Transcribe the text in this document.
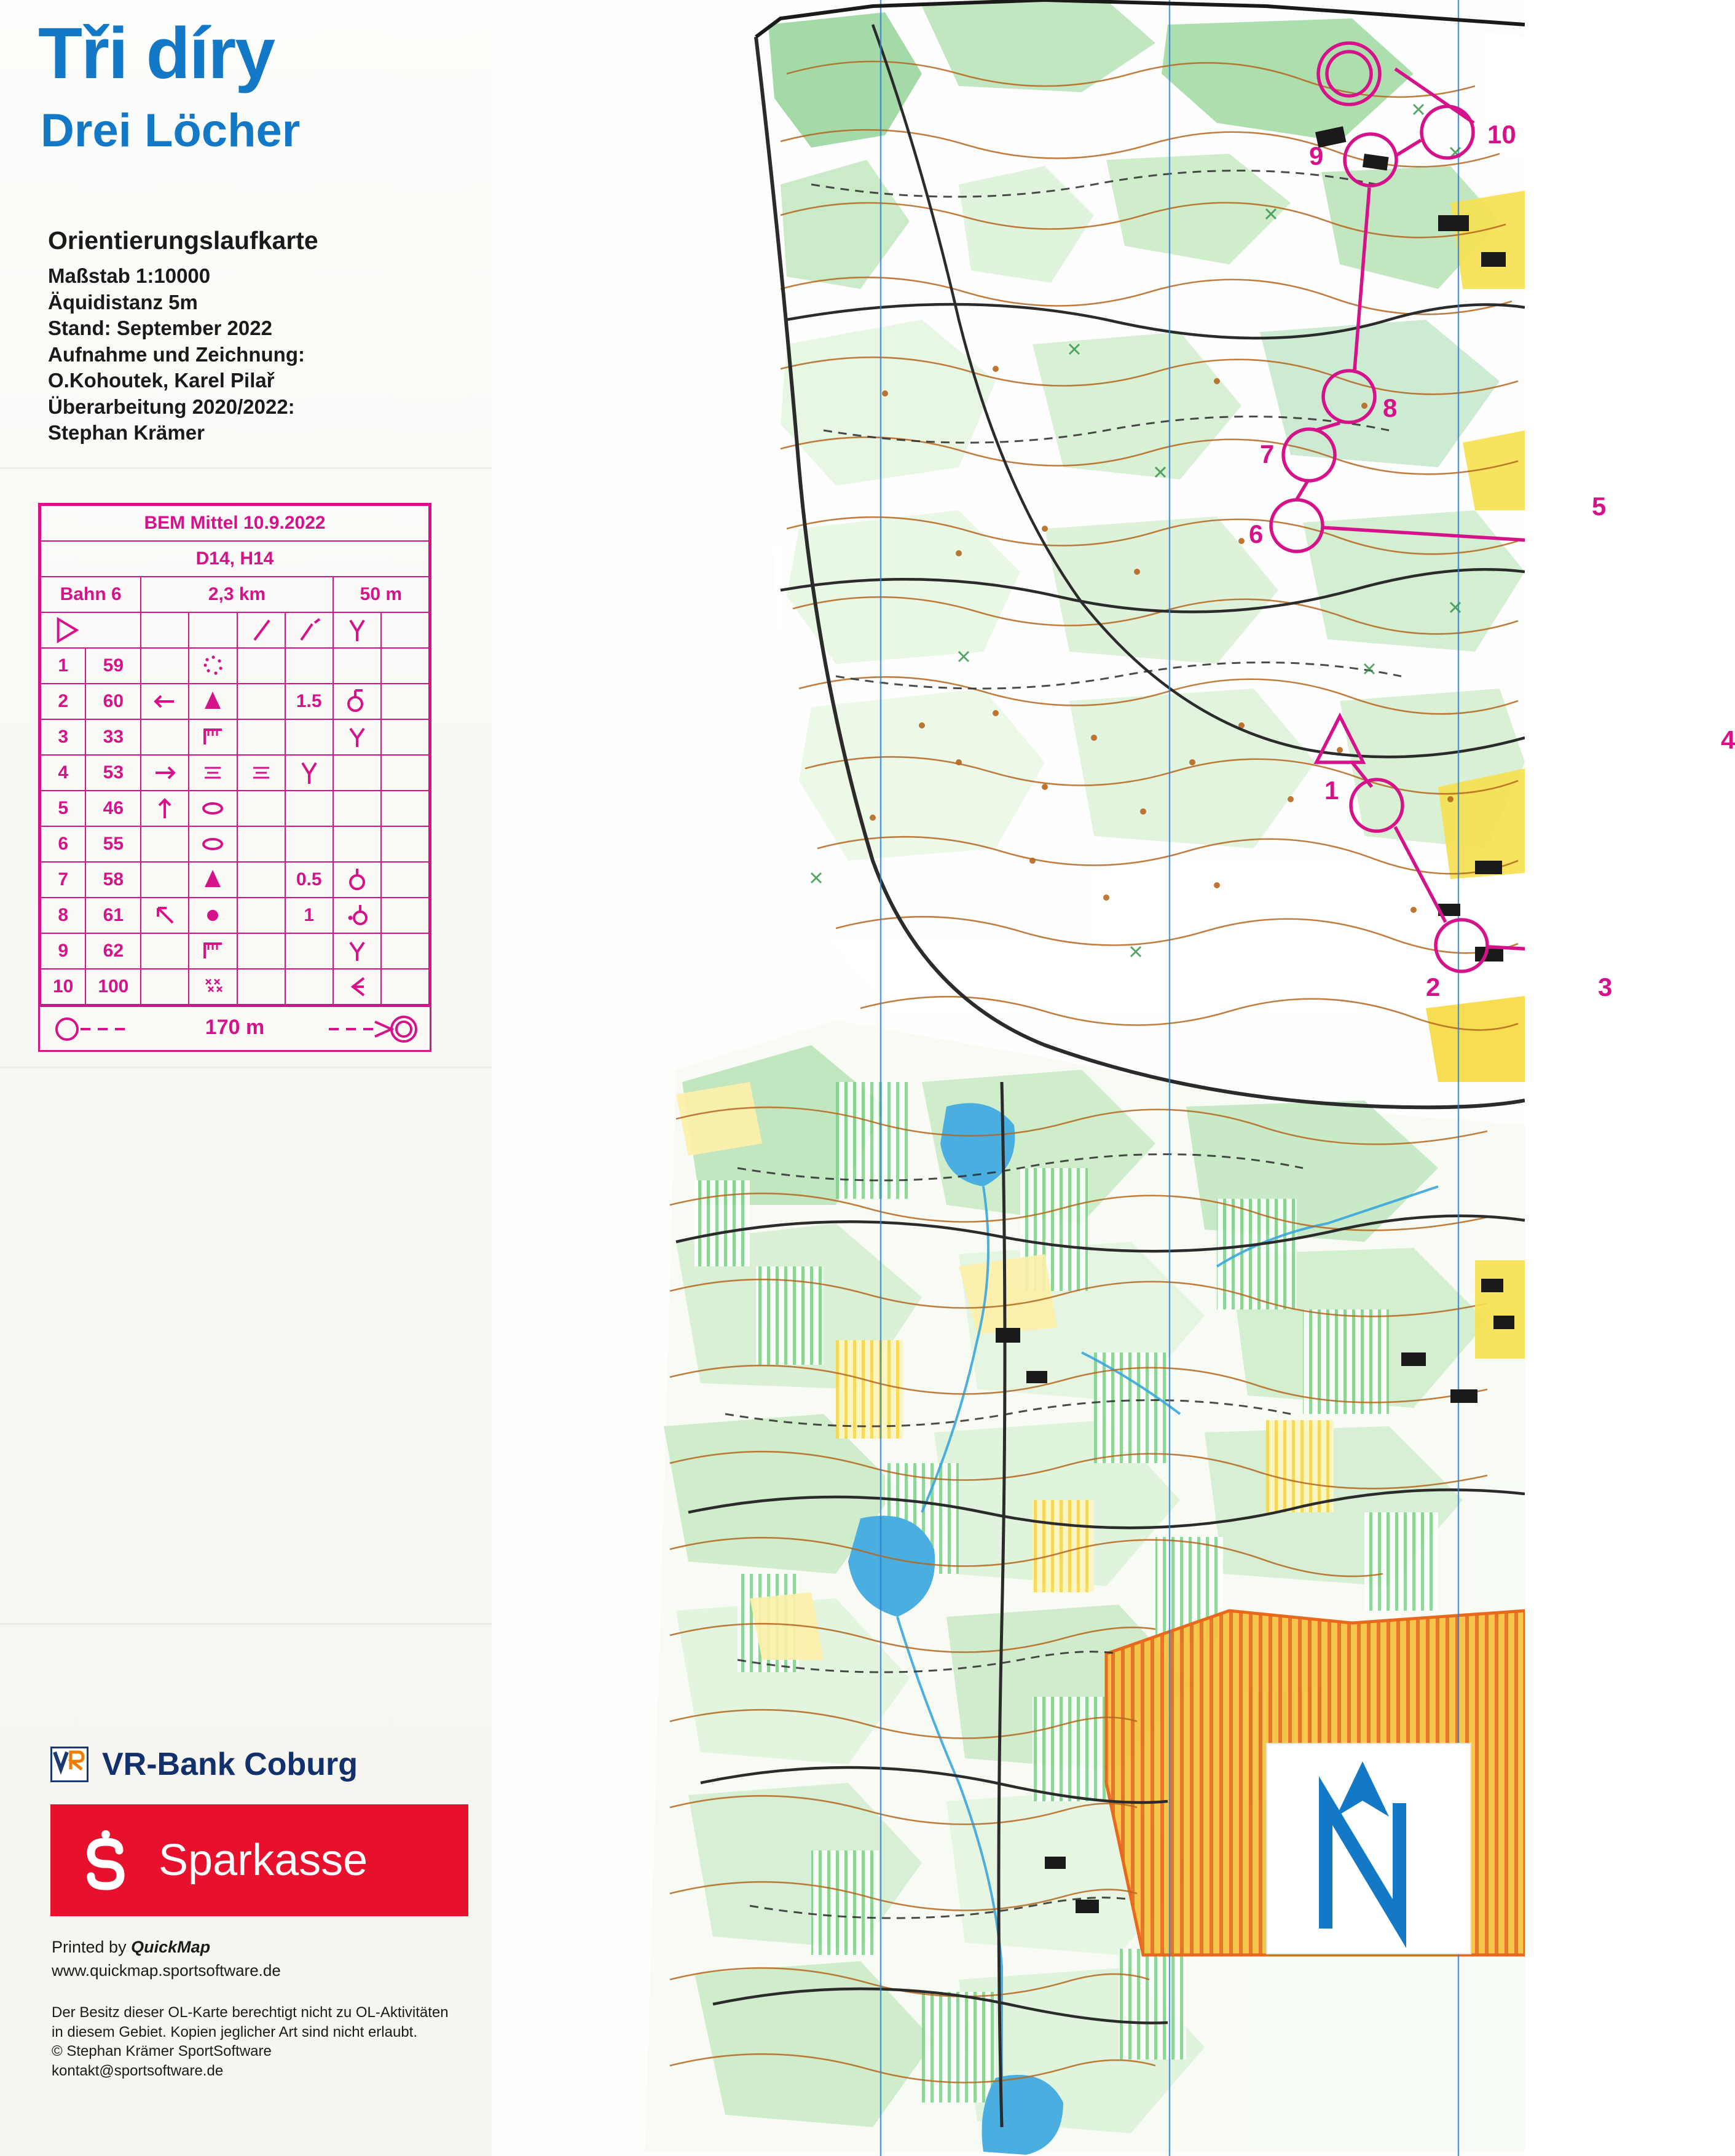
Tři díry
Drei Löcher
Orientierungslaufkarte
Maßstab 1:10000
Äquidistanz 5m
Stand: September 2022
Aufnahme und Zeichnung:
O.Kohoutek, Karel Pilař
Überarbeitung 2020/2022:
Stephan Krämer
BEM Mittel 10.9.2022							
D14, H14							
Bahn 6		2,3 km				50 m	

1	59		

2	60				1.5	

3	33		

4	53	

5	46	

6	55		

7	58				0.5	

8	61				1	

9	62		

10	100		

170 m
VR-Bank Coburg
Sparkasse
Printed by QuickMap
www.quickmap.sportsoftware.de
Der Besitz dieser OL-Karte berechtigt nicht zu OL-Aktivitäten
in diesem Gebiet. Kopien jeglicher Art sind nicht erlaubt.
© Stephan Krämer SportSoftware
kontakt@sportsoftware.de
1
2	3
4
5
6
7
8
9
10
